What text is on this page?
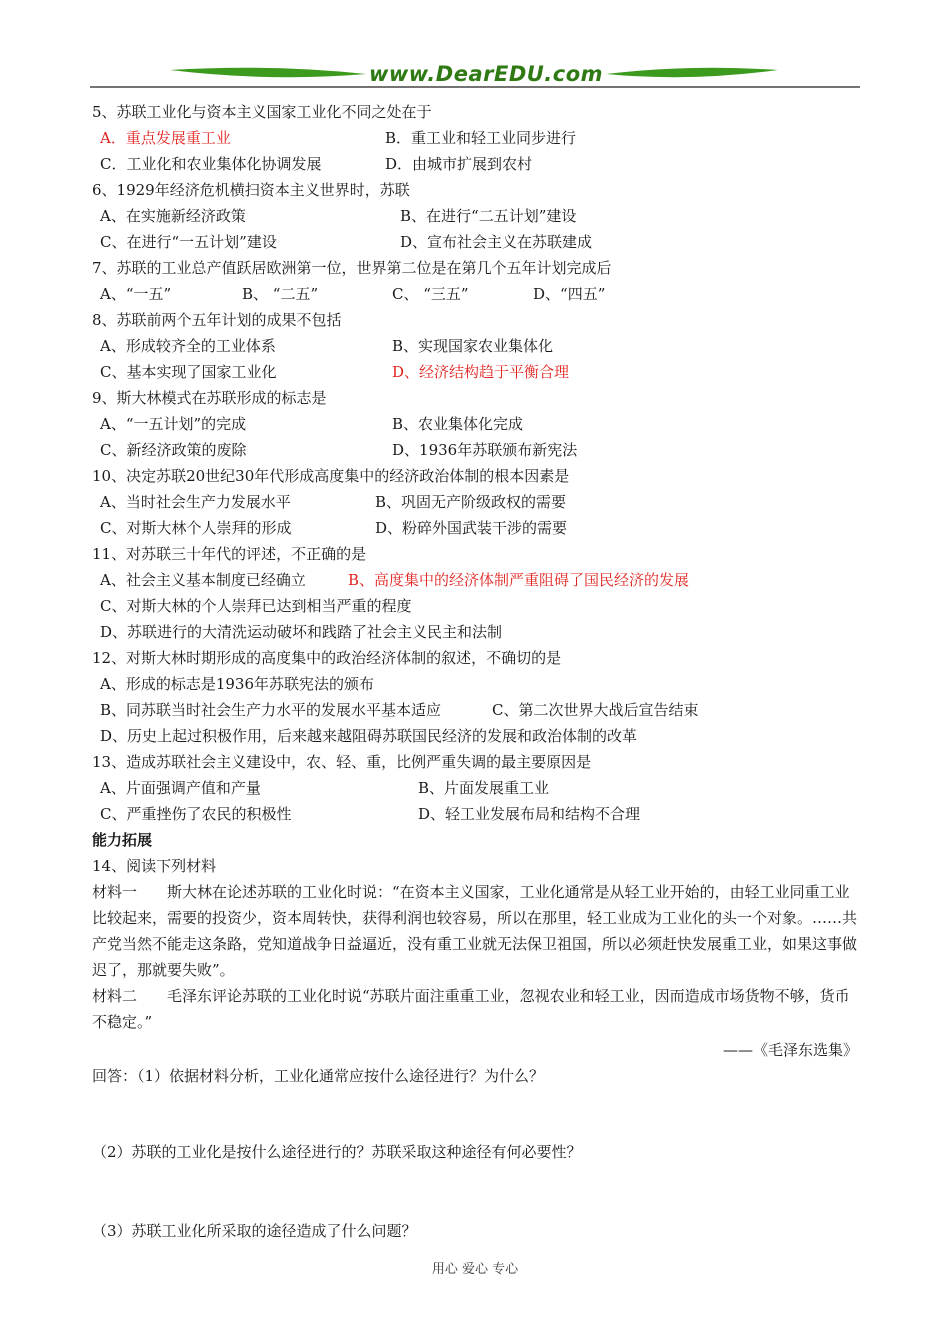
www.DearEDU.com
5、苏联工业化与资本主义国家工业化不同之处在于
A．重点发展重工业	B．重工业和轻工业同步进行
C．工业化和农业集体化协调发展	D．由城市扩展到农村
6、1929年经济危机横扫资本主义世界时，苏联
A、在实施新经济政策	B、在进行“二五计划”建设
C、在进行“一五计划”建设	D、宣布社会主义在苏联建成
7、苏联的工业总产值跃居欧洲第一位，世界第二位是在第几个五年计划完成后
A、“一五”	B、 “二五”	C、 “三五”	D、“四五”
8、苏联前两个五年计划的成果不包括
A、形成较齐全的工业体系	B、实现国家农业集体化
C、基本实现了国家工业化	D、经济结构趋于平衡合理
9、斯大林模式在苏联形成的标志是
A、“一五计划”的完成	B、农业集体化完成
C、新经济政策的废除	D、1936年苏联颁布新宪法
10、决定苏联20世纪30年代形成高度集中的经济政治体制的根本因素是
A、当时社会生产力发展水平	B、巩固无产阶级政权的需要
C、对斯大林个人崇拜的形成	D、粉碎外国武装干涉的需要
11、对苏联三十年代的评述，不正确的是
A、社会主义基本制度已经确立	B、高度集中的经济体制严重阻碍了国民经济的发展
C、对斯大林的个人崇拜已达到相当严重的程度
D、苏联进行的大清洗运动破坏和践踏了社会主义民主和法制
12、对斯大林时期形成的高度集中的政治经济体制的叙述，不确切的是
A、形成的标志是1936年苏联宪法的颁布
B、同苏联当时社会生产力水平的发展水平基本适应	C、第二次世界大战后宣告结束
D、历史上起过积极作用，后来越来越阻碍苏联国民经济的发展和政治体制的改革
13、造成苏联社会主义建设中，农、轻、重，比例严重失调的最主要原因是
A、片面强调产值和产量	B、片面发展重工业
C、严重挫伤了农民的积极性	D、轻工业发展布局和结构不合理
能力拓展
14、阅读下列材料
材料一　　斯大林在论述苏联的工业化时说：“在资本主义国家，工业化通常是从轻工业开始的，由轻工业同重工业比较起来，需要的投资少，资本周转快，获得利润也较容易，所以在那里，轻工业成为工业化的头一个对象。……共产党当然不能走这条路，党知道战争日益逼近，没有重工业就无法保卫祖国，所以必须赶快发展重工业，如果这事做迟了，那就要失败”。
材料二　　毛泽东评论苏联的工业化时说“苏联片面注重重工业，忽视农业和轻工业，因而造成市场货物不够，货币不稳定。”
——《毛泽东选集》
回答：（1）依据材料分析，工业化通常应按什么途径进行？为什么？
（2）苏联的工业化是按什么途径进行的？苏联采取这种途径有何必要性？
（3）苏联工业化所采取的途径造成了什么问题？
用心 爱心 专心
